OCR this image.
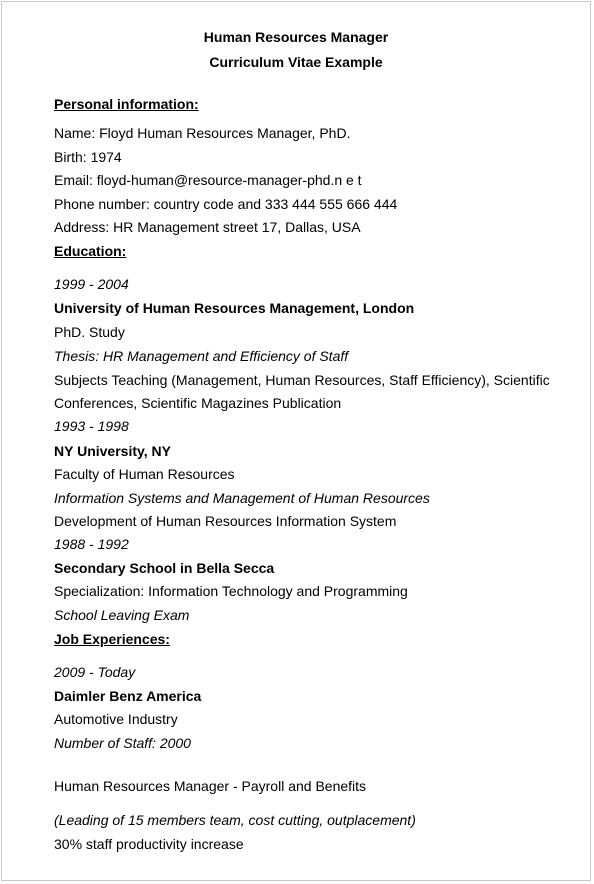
Human Resources Manager
Curriculum Vitae Example
Personal information:
Name: Floyd Human Resources Manager, PhD.
Birth: 1974
Email: floyd-human@resource-manager-phd.n e t
Phone number: country code and 333 444 555 666 444
Address: HR Management street 17, Dallas, USA
Education:
1999 - 2004
University of Human Resources Management, London
PhD. Study
Thesis: HR Management and Efficiency of Staff
Subjects Teaching (Management, Human Resources, Staff Efficiency), Scientific
Conferences, Scientific Magazines Publication
1993 - 1998
NY University, NY
Faculty of Human Resources
Information Systems and Management of Human Resources
Development of Human Resources Information System
1988 - 1992
Secondary School in Bella Secca
Specialization: Information Technology and Programming
School Leaving Exam
Job Experiences:
2009 - Today
Daimler Benz America
Automotive Industry
Number of Staff: 2000
Human Resources Manager - Payroll and Benefits
(Leading of 15 members team, cost cutting, outplacement)
30% staff productivity increase
